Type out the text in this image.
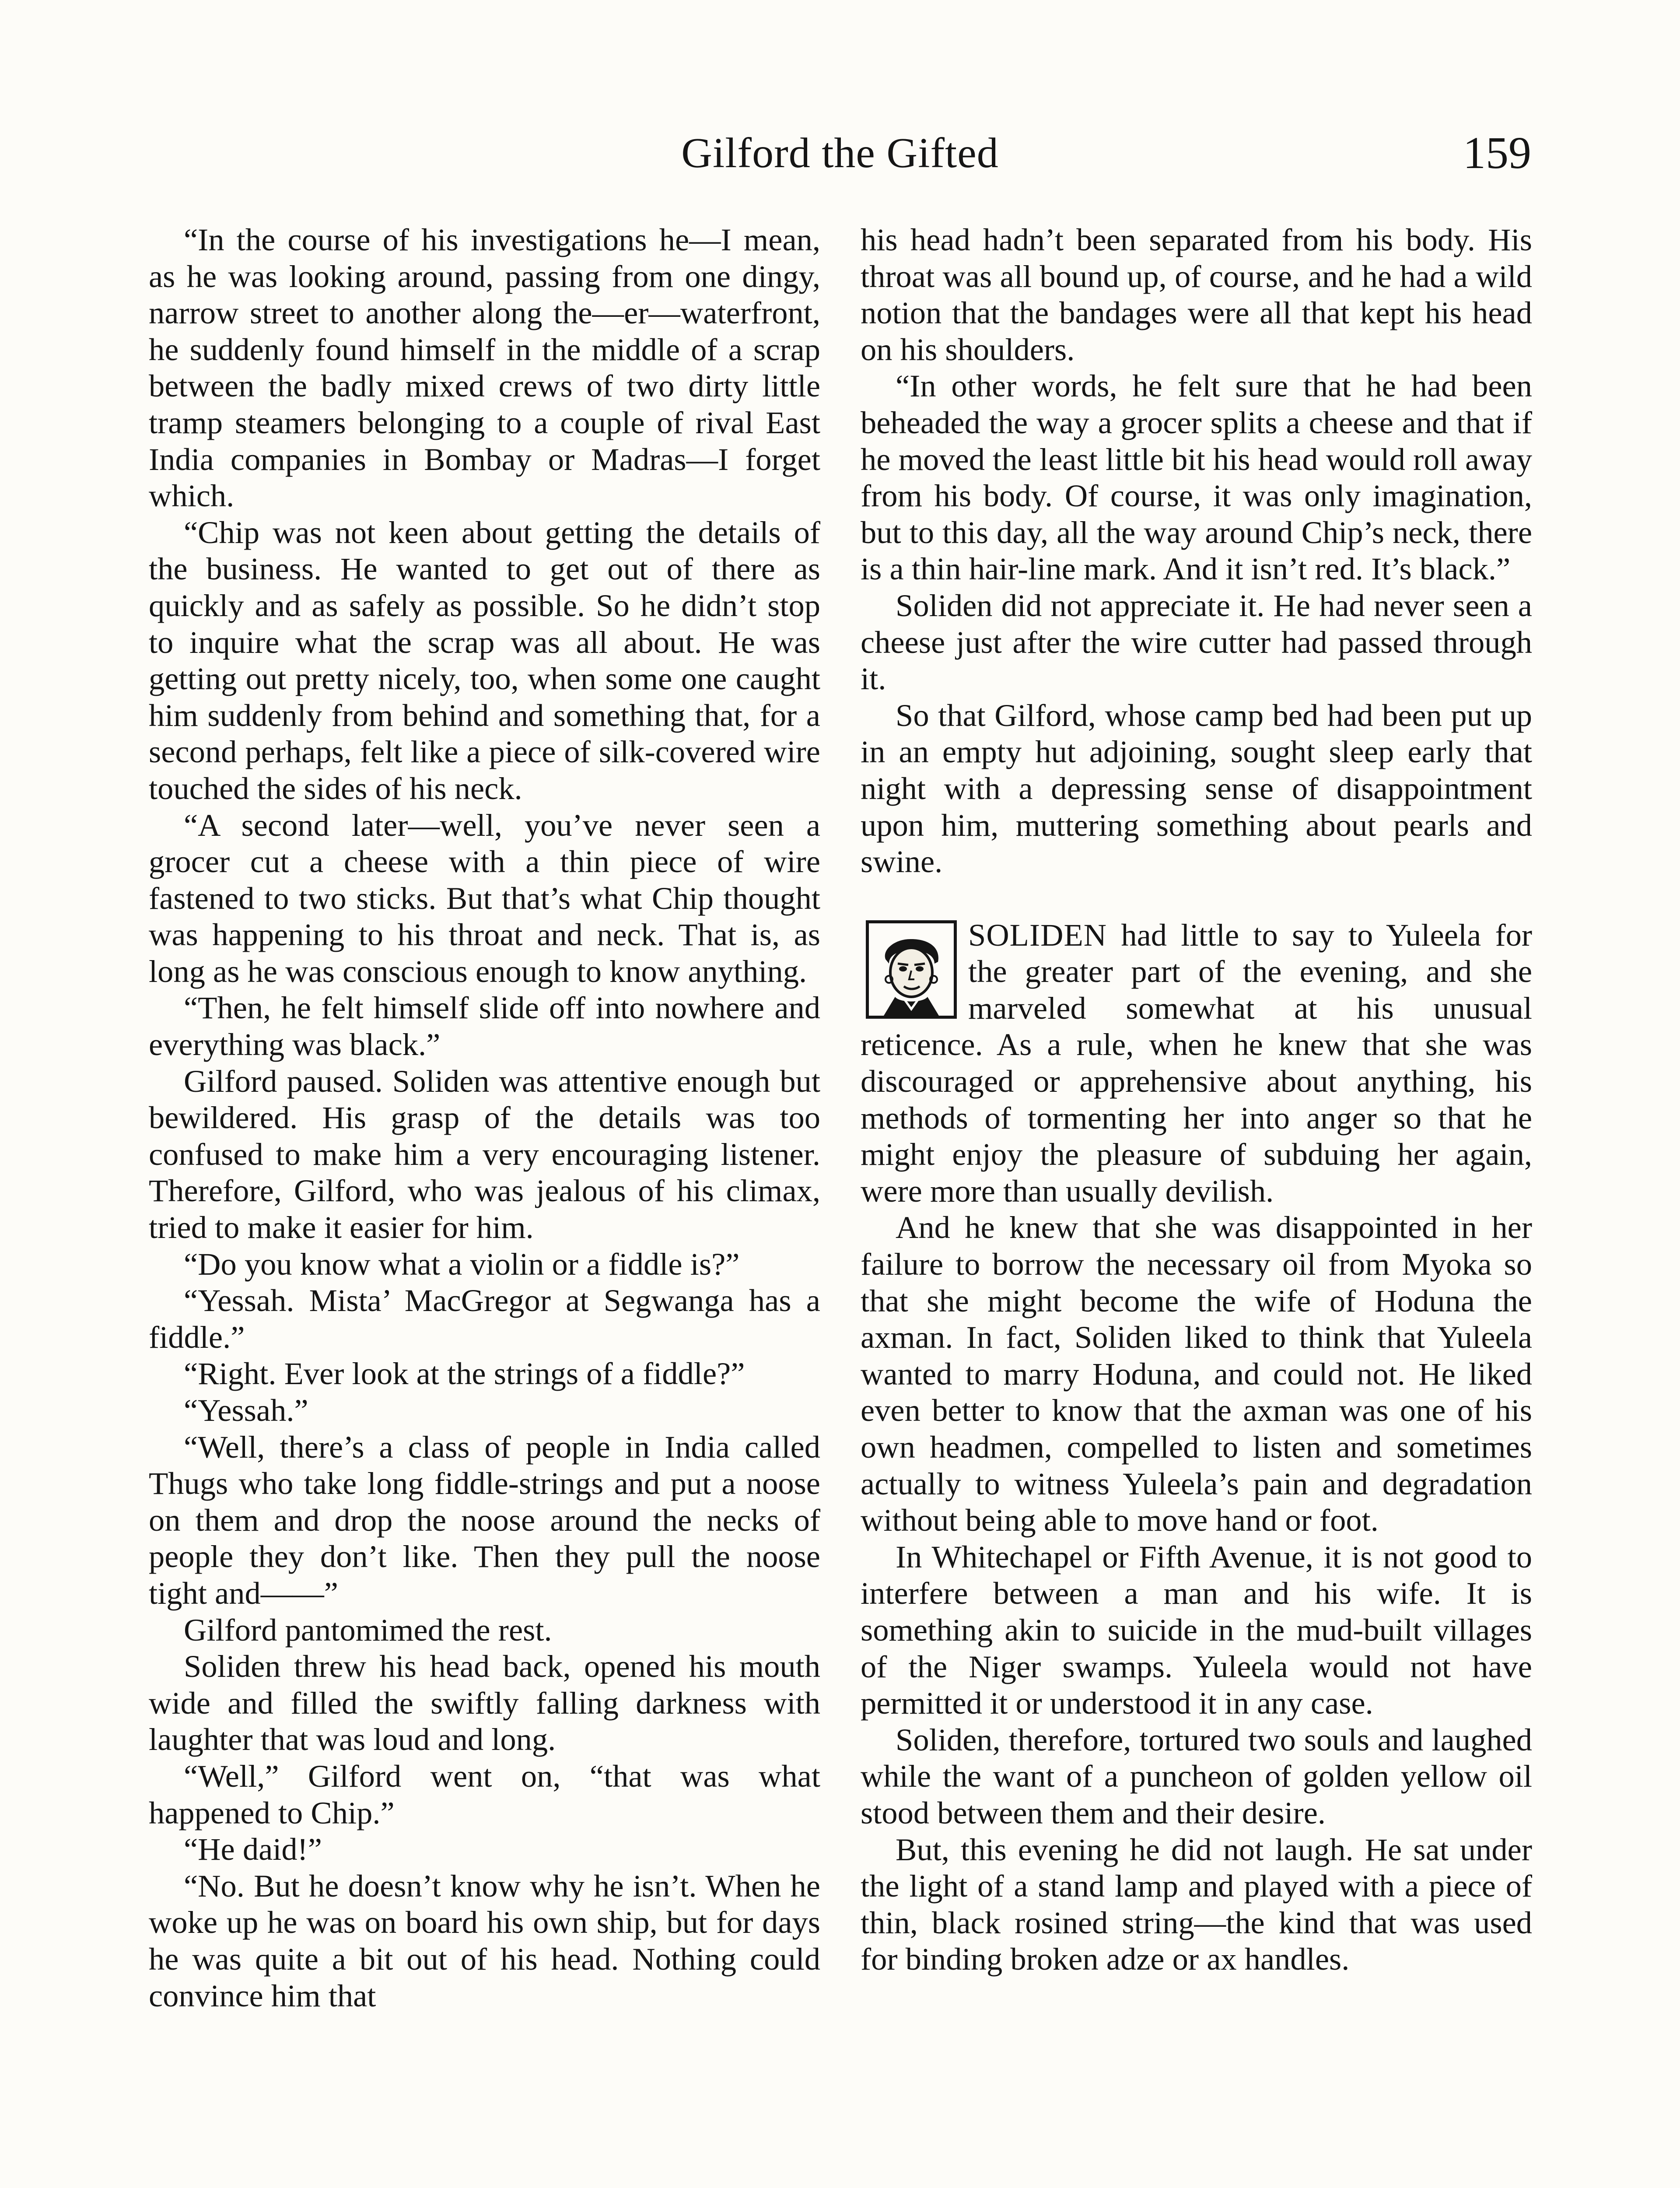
Gilford the Gifted	159

“In the course of his investigations he—I mean, as he was looking around, passing from one dingy, narrow street to another along the—er—waterfront, he suddenly found himself in the middle of a scrap between the badly mixed crews of two dirty little tramp steamers belonging to a couple of rival East India companies in Bombay or Madras—I forget which.

“Chip was not keen about getting the details of the business. He wanted to get out of there as quickly and as safely as possible. So he didn’t stop to inquire what the scrap was all about. He was getting out pretty nicely, too, when some one caught him suddenly from behind and something that, for a second perhaps, felt like a piece of silk-covered wire touched the sides of his neck.

“A second later—well, you’ve never seen a grocer cut a cheese with a thin piece of wire fastened to two sticks. But that’s what Chip thought was happening to his throat and neck. That is, as long as he was conscious enough to know anything.

“Then, he felt himself slide off into nowhere and everything was black.”

Gilford paused. Soliden was attentive enough but bewildered. His grasp of the details was too confused to make him a very encouraging listener. Therefore, Gilford, who was jealous of his climax, tried to make it easier for him.

“Do you know what a violin or a fiddle is?”

“Yessah. Mista’ MacGregor at Segwanga has a fiddle.”

“Right. Ever look at the strings of a fiddle?”

“Yessah.”

“Well, there’s a class of people in India called Thugs who take long fiddle-strings and put a noose on them and drop the noose around the necks of people they don’t like. Then they pull the noose tight and——”

Gilford pantomimed the rest.

Soliden threw his head back, opened his mouth wide and filled the swiftly falling darkness with laughter that was loud and long.

“Well,” Gilford went on, “that was what happened to Chip.”

“He daid!”

“No. But he doesn’t know why he isn’t. When he woke up he was on board his own ship, but for days he was quite a bit out of his head. Nothing could convince him that

his head hadn’t been separated from his body. His throat was all bound up, of course, and he had a wild notion that the bandages were all that kept his head on his shoulders.

“In other words, he felt sure that he had been beheaded the way a grocer splits a cheese and that if he moved the least little bit his head would roll away from his body. Of course, it was only imagination, but to this day, all the way around Chip’s neck, there is a thin hair-line mark. And it isn’t red. It’s black.”

Soliden did not appreciate it. He had never seen a cheese just after the wire cutter had passed through it.

So that Gilford, whose camp bed had been put up in an empty hut adjoining, sought sleep early that night with a depressing sense of disappointment upon him, muttering something about pearls and swine.

SOLIDEN had little to say to Yuleela for the greater part of the evening, and she marveled somewhat at his unusual reticence. As a rule, when he knew that she was discouraged or apprehensive about anything, his methods of tormenting her into anger so that he might enjoy the pleasure of subduing her again, were more than usually devilish.

And he knew that she was disappointed in her failure to borrow the necessary oil from Myoka so that she might become the wife of Hoduna the axman. In fact, Soliden liked to think that Yuleela wanted to marry Hoduna, and could not. He liked even better to know that the axman was one of his own headmen, compelled to listen and sometimes actually to witness Yuleela’s pain and degradation without being able to move hand or foot.

In Whitechapel or Fifth Avenue, it is not good to interfere between a man and his wife. It is something akin to suicide in the mud-built villages of the Niger swamps. Yuleela would not have permitted it or understood it in any case.

Soliden, therefore, tortured two souls and laughed while the want of a puncheon of golden yellow oil stood between them and their desire.

But, this evening he did not laugh. He sat under the light of a stand lamp and played with a piece of thin, black rosined string—the kind that was used for binding broken adze or ax handles.
